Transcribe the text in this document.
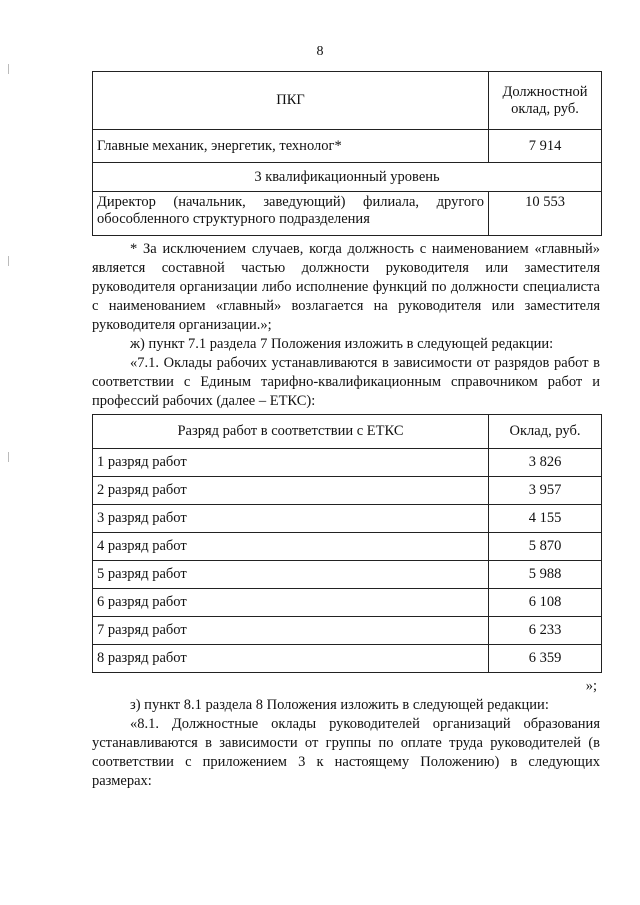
8
ПКГ	Должностной
оклад, руб.
Главные механик, энергетик, технолог*	7 914
3 квалификационный уровень	

Директор (начальник, заведующий) филиала, другого
обособленного структурного подразделения	10 553

* За исключением случаев, когда должность с наименованием «главный» является составной частью должности руководителя или заместителя руководителя организации либо исполнение функций по должности специалиста с наименованием «главный» возлагается на руководителя или заместителя руководителя организации.»;

ж) пункт 7.1 раздела 7 Положения изложить в следующей редакции:

«7.1. Оклады рабочих устанавливаются в зависимости от разрядов работ в соответствии с Единым тарифно-квалификационным справочником работ и профессий рабочих (далее – ЕТКС):

Разряд работ в соответствии с ЕТКС	Оклад, руб.
1 разряд работ	3 826
2 разряд работ	3 957
3 разряд работ	4 155
4 разряд работ	5 870
5 разряд работ	5 988
6 разряд работ	6 108
7 разряд работ	6 233
8 разряд работ	6 359

»;

з) пункт 8.1 раздела 8 Положения изложить в следующей редакции:

«8.1. Должностные оклады руководителей организаций образования устанавливаются в зависимости от группы по оплате труда руководителей (в соответствии с приложением 3 к настоящему Положению) в следующих размерах:
